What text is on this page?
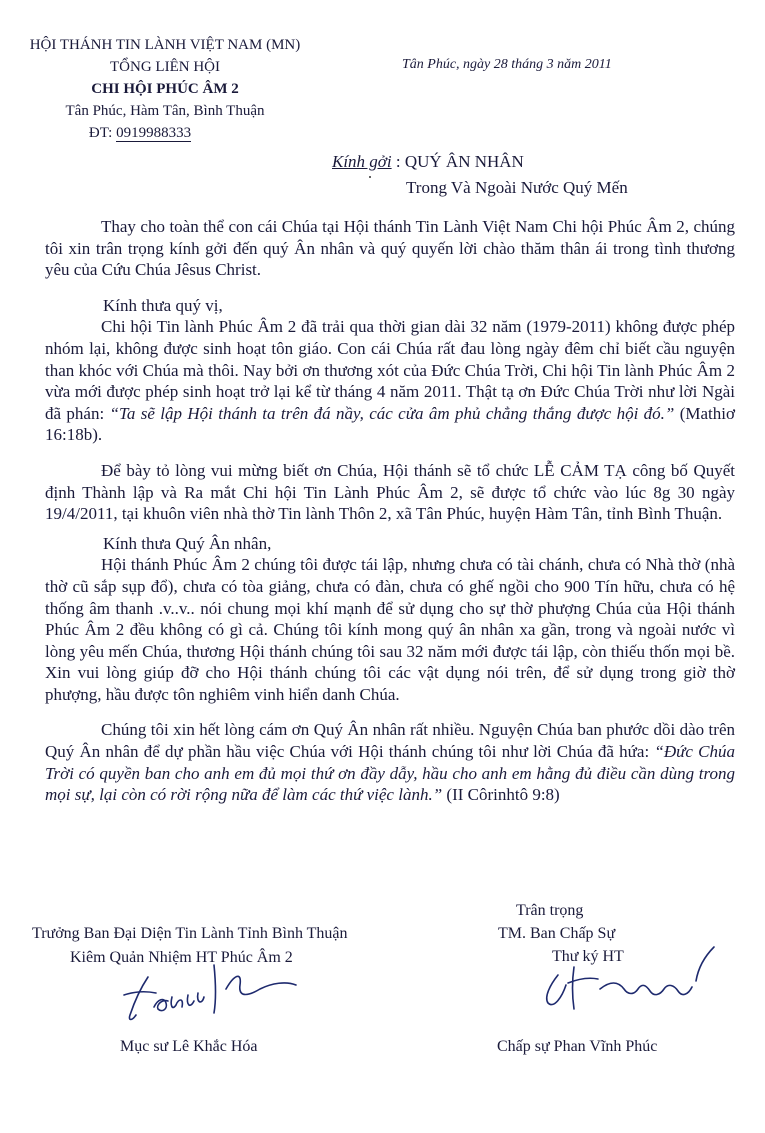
HỘI THÁNH TIN LÀNH VIỆT NAM (MN)
TỔNG LIÊN HỘI
CHI HỘI PHÚC ÂM 2
Tân Phúc, Hàm Tân, Bình Thuận
ĐT: 0919988333
Tân Phúc, ngày 28 tháng 3 năm 2011
Kính gởi : QUÝ ÂN NHÂN
Trong Và Ngoài Nước Quý Mến

Thay cho toàn thể con cái Chúa tại Hội thánh Tin Lành Việt Nam Chi hội Phúc Âm 2, chúng tôi xin trân trọng kính gởi đến quý Ân nhân và quý quyến lời chào thăm thân ái trong tình thương yêu của Cứu Chúa Jêsus Christ.

Kính thưa quý vị,

Chi hội Tin lành Phúc Âm 2 đã trải qua thời gian dài 32 năm (1979-2011) không được phép nhóm lại, không được sinh hoạt tôn giáo. Con cái Chúa rất đau lòng ngày đêm chỉ biết cầu nguyện than khóc với Chúa mà thôi. Nay bởi ơn thương xót của Đức Chúa Trời, Chi hội Tin lành Phúc Âm 2 vừa mới được phép sinh hoạt trở lại kể từ tháng 4 năm 2011. Thật tạ ơn Đức Chúa Trời như lời Ngài đã phán: “Ta sẽ lập Hội thánh ta trên đá nầy, các cửa âm phủ chẳng thắng được hội đó.” (Mathiơ 16:18b).

Để bày tỏ lòng vui mừng biết ơn Chúa, Hội thánh sẽ tổ chức LỄ CẢM TẠ công bố Quyết định Thành lập và Ra mắt Chi hội Tin Lành Phúc Âm 2, sẽ được tổ chức vào lúc 8g 30 ngày 19/4/2011, tại khuôn viên nhà thờ Tin lành Thôn 2, xã Tân Phúc, huyện Hàm Tân, tỉnh Bình Thuận.

Kính thưa Quý Ân nhân,

Hội thánh Phúc Âm 2 chúng tôi được tái lập, nhưng chưa có tài chánh, chưa có Nhà thờ (nhà thờ cũ sắp sụp đổ), chưa có tòa giảng, chưa có đàn, chưa có ghế ngồi cho 900 Tín hữu, chưa có hệ thống âm thanh .v..v.. nói chung mọi khí mạnh để sử dụng cho sự thờ phượng Chúa của Hội thánh Phúc Âm 2 đều không có gì cả. Chúng tôi kính mong quý ân nhân xa gần, trong và ngoài nước vì lòng yêu mến Chúa, thương Hội thánh chúng tôi sau 32 năm mới được tái lập, còn thiếu thốn mọi bề. Xin vui lòng giúp đỡ cho Hội thánh chúng tôi các vật dụng nói trên, để sử dụng trong giờ thờ phượng, hầu được tôn nghiêm vinh hiển danh Chúa.

Chúng tôi xin hết lòng cám ơn Quý Ân nhân rất nhiều. Nguyện Chúa ban phước dồi dào trên Quý Ân nhân để dự phần hầu việc Chúa với Hội thánh chúng tôi như lời Chúa đã hứa: “Đức Chúa Trời có quyền ban cho anh em đủ mọi thứ ơn đầy dẫy, hầu cho anh em hằng đủ điều cần dùng trong mọi sự, lại còn có rời rộng nữa để làm các thứ việc lành.” (II Côrinhtô 9:8)

Trưởng Ban Đại Diện Tin Lành Tỉnh Bình Thuận
Kiêm Quản Nhiệm HT Phúc Âm 2
Trân trọng
TM. Ban Chấp Sự
Thư ký HT
Mục sư Lê Khắc Hóa	Chấp sự Phan Vĩnh Phúc
